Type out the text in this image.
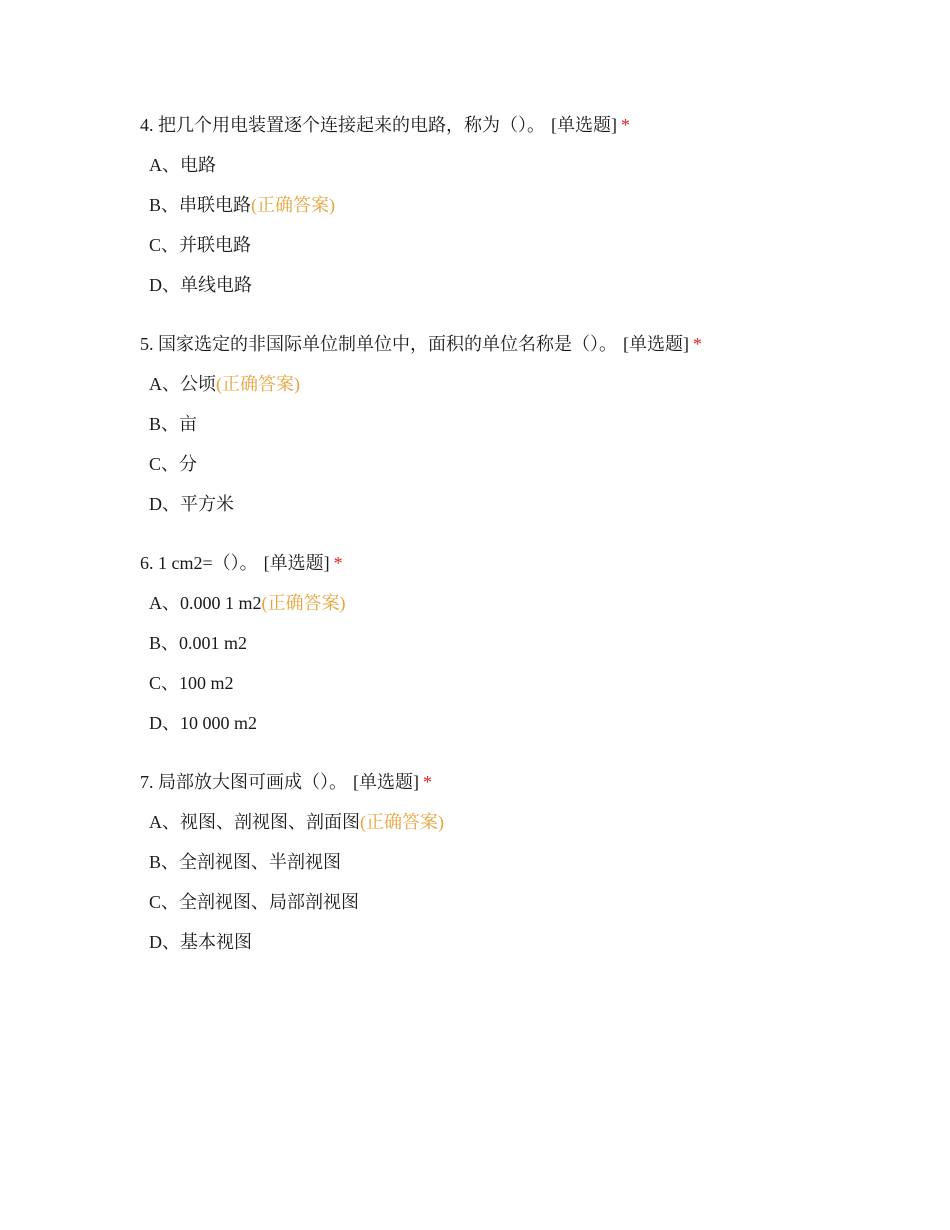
4. 把几个用电装置逐个连接起来的电路，称为（）。 [单选题] *
A、电路
B、串联电路(正确答案)
C、并联电路
D、单线电路
5. 国家选定的非国际单位制单位中，面积的单位名称是（）。 [单选题] *
A、公顷(正确答案)
B、亩
C、分
D、平方米
6. 1 cm2=（）。 [单选题] *
A、0.000 1 m2(正确答案)
B、0.001 m2
C、100 m2
D、10 000 m2
7. 局部放大图可画成（）。 [单选题] *
A、视图、剖视图、剖面图(正确答案)
B、全剖视图、半剖视图
C、全剖视图、局部剖视图
D、基本视图
